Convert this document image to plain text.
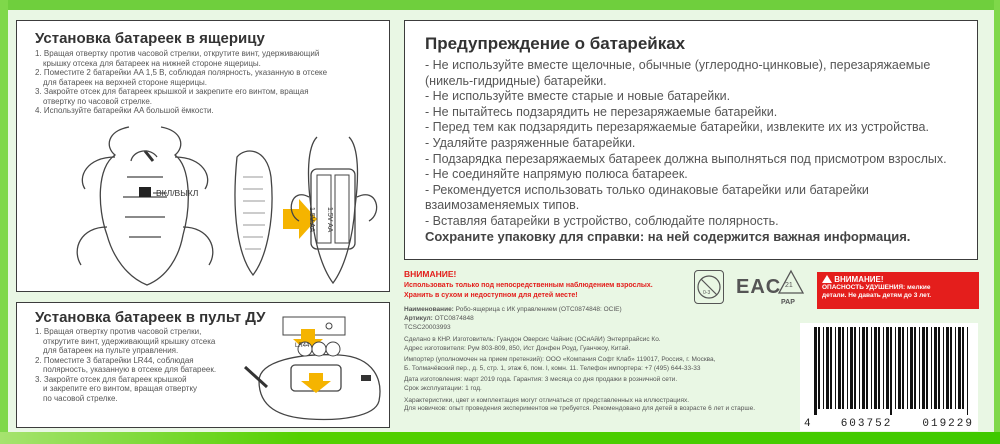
Установка батареек в ящерицу
1. Вращая отвертку против часовой стрелки, открутите винт, удерживающий
крышку отсека для батареек на нижней стороне ящерицы.
2. Поместите 2 батарейки AA 1,5 В, соблюдая полярность, указанную в отсеке
для батареек на верхней стороне ящерицы.
3. Закройте отсек для батареек крышкой и закрепите его винтом, вращая
отвертку по часовой стрелке.
4. Используйте батарейки AA большой ёмкости.
ВКЛ/ВЫКЛ
1.5V AA 1.5V AA
Установка батареек в пульт ДУ
1. Вращая отвертку против часовой стрелки,
открутите винт, удерживающий крышку отсека
для батареек на пульте управления.
2. Поместите 3 батарейки LR44, соблюдая
полярность, указанную в отсеке для батареек.
3. Закройте отсек для батареек крышкой
и закрепите его винтом, вращая отвертку
по часовой стрелке.
LR44
Предупреждение о батарейках
- Не используйте вместе щелочные, обычные (углеродно-цинковые), перезаряжаемые
(никель-гидридные) батарейки.
- Не используйте вместе старые и новые батарейки.
- Не пытайтесь подзарядить не перезаряжаемые батарейки.
- Перед тем как подзарядить перезаряжаемые батарейки, извлеките их из устройства.
- Удаляйте разряженные батарейки.
- Подзарядка перезаряжаемых батареек должна выполняться под присмотром взрослых.
- Не соединяйте напрямую полюса батареек.
- Рекомендуется использовать только одинаковые батарейки или батарейки
взаимозаменяемых типов.
- Вставляя батарейки в устройство, соблюдайте полярность.
Сохраните упаковку для справки: на ней содержится важная информация.
ВНИМАНИЕ!
Использовать только под непосредственным наблюдением взрослых.
Хранить в сухом и недоступном для детей месте!	0-3 EAC 21
PAP
ВНИМАНИЕ!
ОПАСНОСТЬ УДУШЕНИЯ: мелкие
детали. Не давать детям до 3 лет.
Наименование: Робо-ящерица с ИК управлением (OTC0874848: OCIE)
Артикул: OTC0874848
TCSC20003993
Сделано в КНР. Изготовитель: Гуандон Оверсис Чайнис (ОСиАйИ) Энтерпрайсис Ко.
Адрес изготовителя: Рум 803-809, 850, Ист Донфен Роуд, Гуанчжоу, Китай.
Импортер (уполномочен на прием претензий): ООО «Компания Софт Клаб» 119017, Россия, г. Москва,
Б. Толмачёвский пер., д. 5, стр. 1, этаж 6, пом. I, комн. 11. Телефон импортера: +7 (495) 644-33-33
Дата изготовления: март 2019 года. Гарантия: 3 месяца со дня продажи в розничной сети.
Срок эксплуатации: 1 год.
Характеристики, цвет и комплектация могут отличаться от представленных на иллюстрациях.
Для новичков: опыт проведения экспериментов не требуется. Рекомендовано для детей в возрасте 6 лет и старше.
4	603752	019229
